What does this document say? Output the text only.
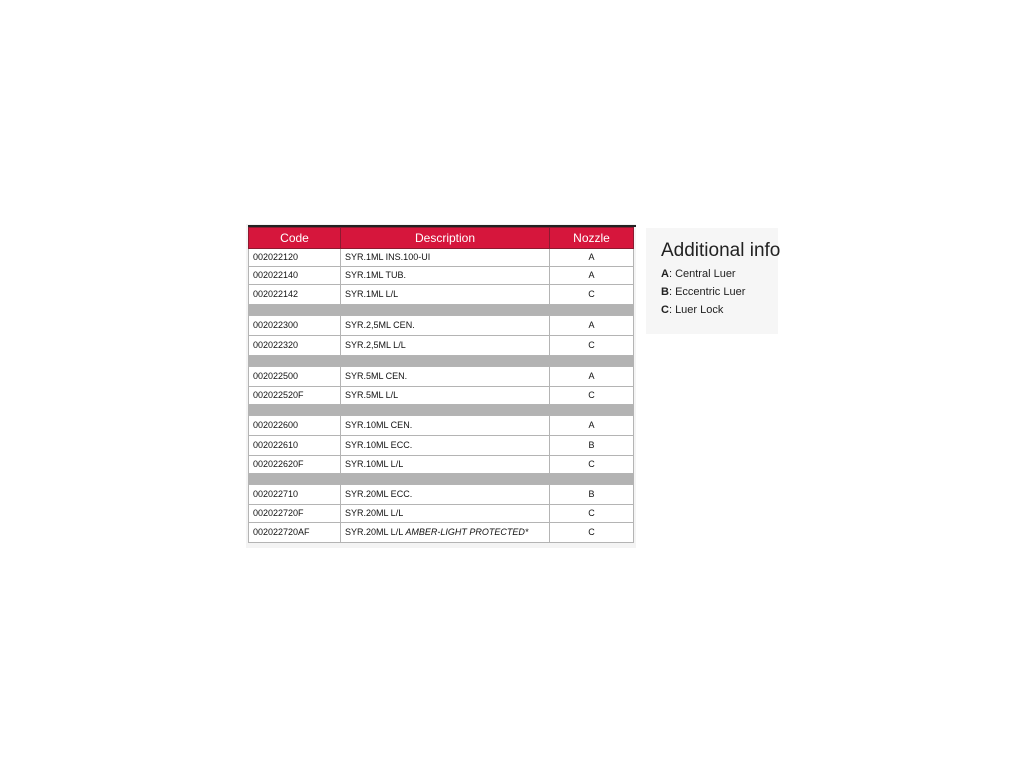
Code	Description	Nozzle
002022120	SYR.1ML INS.100-UI	A
002022140	SYR.1ML TUB.	A
002022142	SYR.1ML L/L	C

002022300	SYR.2,5ML CEN.	A
002022320	SYR.2,5ML L/L	C

002022500	SYR.5ML CEN.	A
002022520F	SYR.5ML L/L	C

002022600	SYR.10ML CEN.	A
002022610	SYR.10ML ECC.	B
002022620F	SYR.10ML L/L	C

002022710	SYR.20ML ECC.	B
002022720F	SYR.20ML L/L	C
002022720AF	SYR.20ML L/L AMBER-LIGHT PROTECTED*	C
Additional info
A: Central Luer
B: Eccentric Luer
C: Luer Lock
